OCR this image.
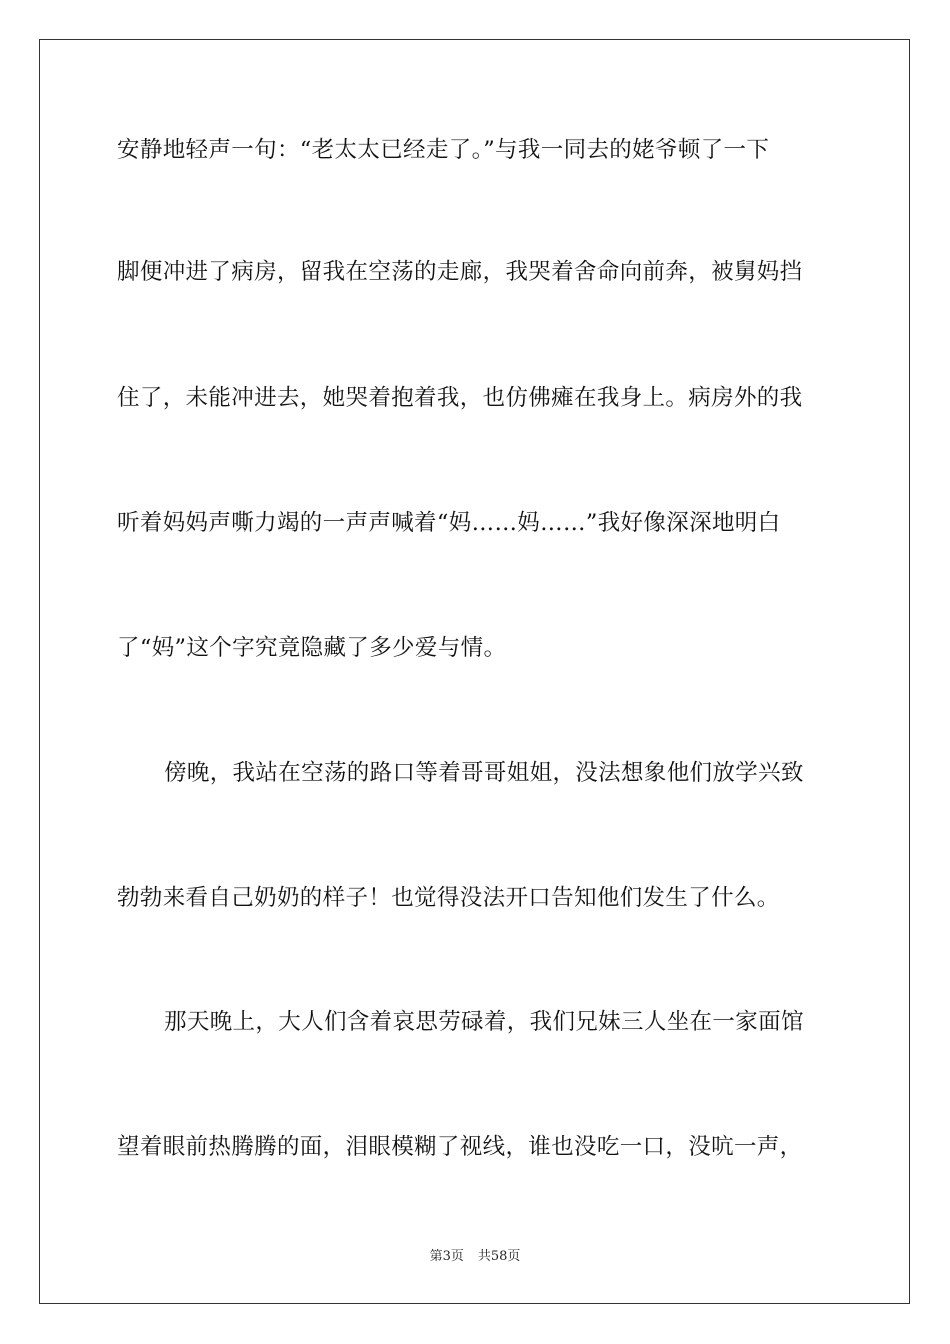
安静地轻声一句：“老太太已经走了。”与我一同去的姥爷顿了一下
脚便冲进了病房，留我在空荡的走廊，我哭着舍命向前奔，被舅妈挡
住了，未能冲进去，她哭着抱着我，也仿佛瘫在我身上。病房外的我
听着妈妈声嘶力竭的一声声喊着“妈……妈……”我好像深深地明白
了“妈”这个字究竟隐藏了多少爱与情。
傍晚，我站在空荡的路口等着哥哥姐姐，没法想象他们放学兴致
勃勃来看自己奶奶的样子！也觉得没法开口告知他们发生了什么。
那天晚上，大人们含着哀思劳碌着，我们兄妹三人坐在一家面馆
望着眼前热腾腾的面，泪眼模糊了视线，谁也没吃一口，没吭一声，
第3页 共58页
